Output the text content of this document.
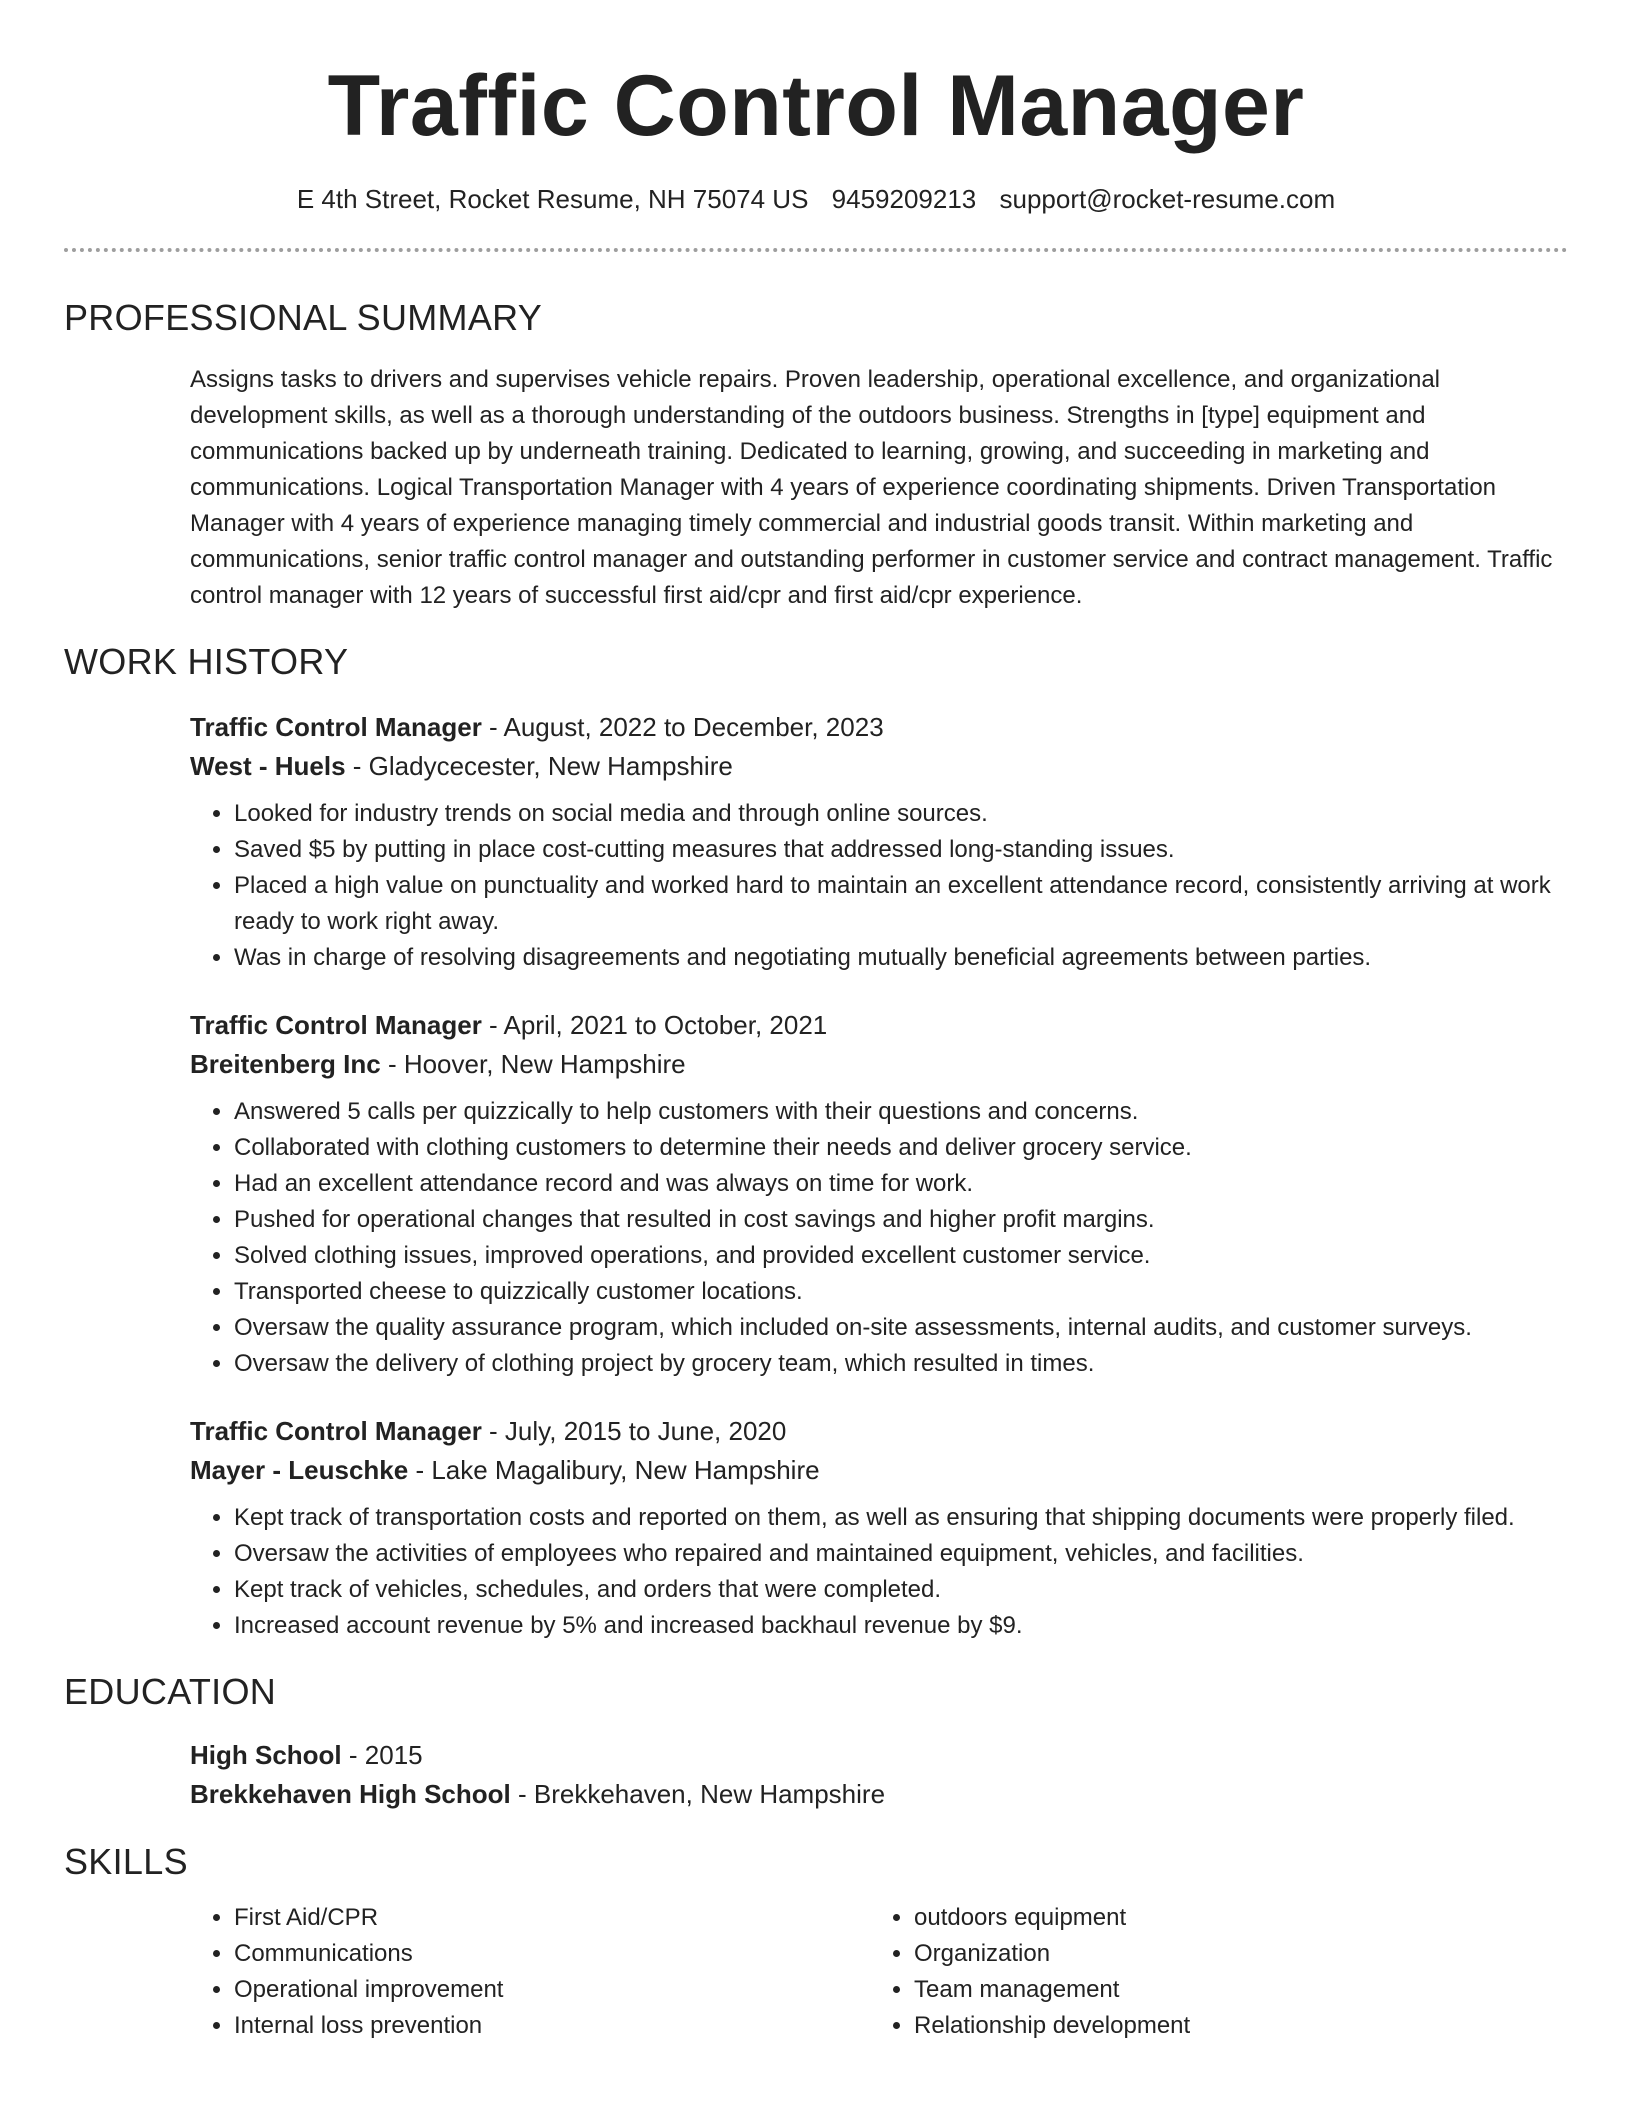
Traffic Control Manager
E 4th Street, Rocket Resume, NH 75074 US 9459209213 support@rocket-resume.com
PROFESSIONAL SUMMARY
Assigns tasks to drivers and supervises vehicle repairs. Proven leadership, operational excellence, and organizational development skills, as well as a thorough understanding of the outdoors business. Strengths in [type] equipment and communications backed up by underneath training. Dedicated to learning, growing, and succeeding in marketing and communications. Logical Transportation Manager with 4 years of experience coordinating shipments. Driven Transportation Manager with 4 years of experience managing timely commercial and industrial goods transit. Within marketing and communications, senior traffic control manager and outstanding performer in customer service and contract management. Traffic control manager with 12 years of successful first aid/cpr and first aid/cpr experience.
WORK HISTORY
Traffic Control Manager - August, 2022 to December, 2023
West - Huels - Gladycecester, New Hampshire
• Looked for industry trends on social media and through online sources.
• Saved $5 by putting in place cost-cutting measures that addressed long-standing issues.
• Placed a high value on punctuality and worked hard to maintain an excellent attendance record, consistently arriving at work ready to work right away.
• Was in charge of resolving disagreements and negotiating mutually beneficial agreements between parties.
Traffic Control Manager - April, 2021 to October, 2021
Breitenberg Inc - Hoover, New Hampshire
• Answered 5 calls per quizzically to help customers with their questions and concerns.
• Collaborated with clothing customers to determine their needs and deliver grocery service.
• Had an excellent attendance record and was always on time for work.
• Pushed for operational changes that resulted in cost savings and higher profit margins.
• Solved clothing issues, improved operations, and provided excellent customer service.
• Transported cheese to quizzically customer locations.
• Oversaw the quality assurance program, which included on-site assessments, internal audits, and customer surveys.
• Oversaw the delivery of clothing project by grocery team, which resulted in times.
Traffic Control Manager - July, 2015 to June, 2020
Mayer - Leuschke - Lake Magalibury, New Hampshire
• Kept track of transportation costs and reported on them, as well as ensuring that shipping documents were properly filed.
• Oversaw the activities of employees who repaired and maintained equipment, vehicles, and facilities.
• Kept track of vehicles, schedules, and orders that were completed.
• Increased account revenue by 5% and increased backhaul revenue by $9.
EDUCATION
High School - 2015
Brekkehaven High School - Brekkehaven, New Hampshire
SKILLS
• First Aid/CPR
• Communications
• Operational improvement
• Internal loss prevention
• outdoors equipment
• Organization
• Team management
• Relationship development
